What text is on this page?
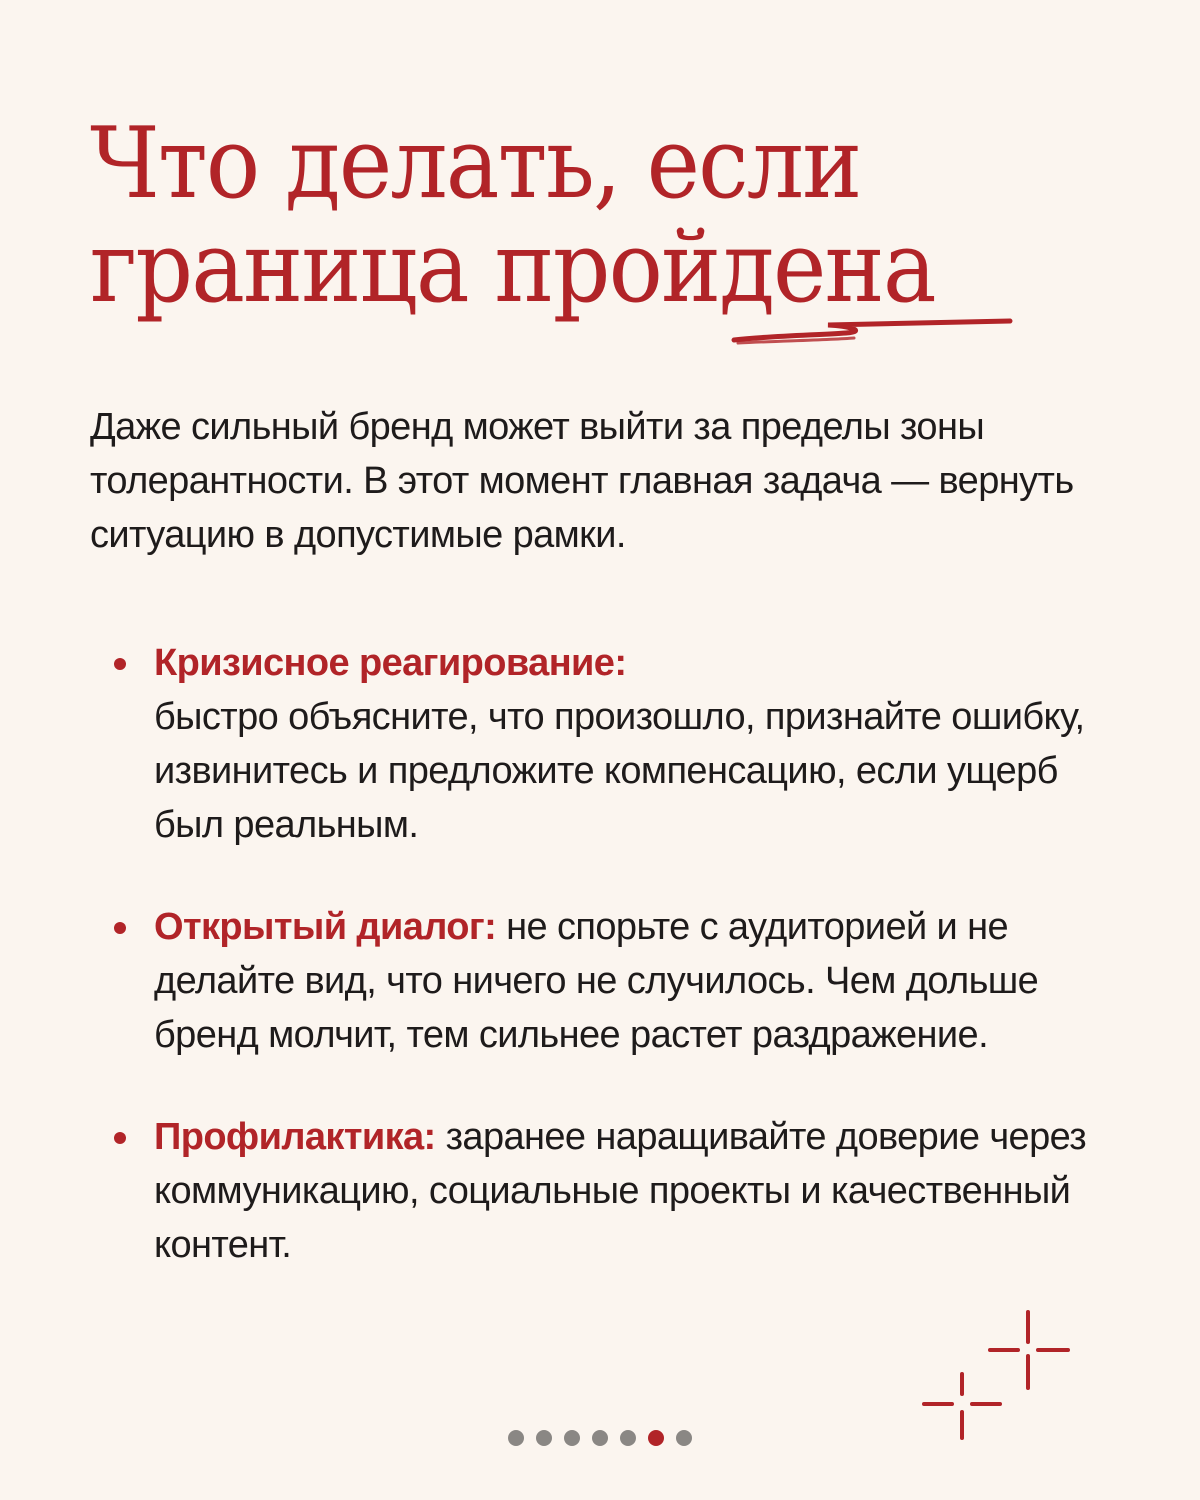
Что делать, если
граница пройдена

Даже сильный бренд может выйти за пределы зоны толерантности. В этот момент главная задача — вернуть ситуацию в допустимые рамки.

Кризисное реагирование:
быстро объясните, что произошло, признайте ошибку, извинитесь и предложите компенсацию, если ущерб был реальным.
Открытый диалог: не спорьте с аудиторией и не делайте вид, что ничего не случилось. Чем дольше бренд молчит, тем сильнее растет раздражение.
Профилактика: заранее наращивайте доверие через коммуникацию, социальные проекты и качественный контент.
